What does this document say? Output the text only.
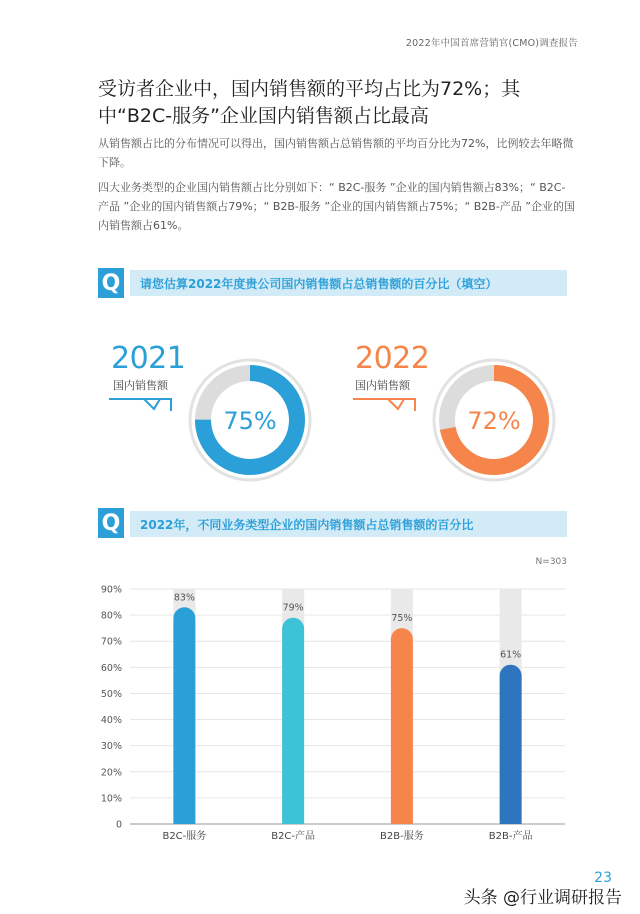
2022年中国首席营销官(CMO)调查报告
受访者企业中，国内销售额的平均占比为72%；其中“B2C-服务”企业国内销售额占比最高

从销售额占比的分布情况可以得出，国内销售额占总销售额的平均百分比为72%，比例较去年略微下降。

四大业务类型的企业国内销售额占比分别如下：“ B2C-服务 ”企业的国内销售额占83%；“ B2C-产品 ”企业的国内销售额占79%；“ B2B-服务 ”企业的国内销售额占75%；“ B2B-产品 ”企业的国内销售额占61%。

Q	请您估算2022年度贵公司国内销售额占总销售额的百分比（填空）
2021
国内销售额
75%
2022
国内销售额
72%
Q	2022年，不同业务类型企业的国内销售额占总销售额的百分比
N=303
0
10%
20%
30%
40%
50%
60%
70%
80%
90%
83%
B2C-服务
79%
B2C-产品
75%
B2B-服务
61%
B2B-产品
23
头条 @行业调研报告
